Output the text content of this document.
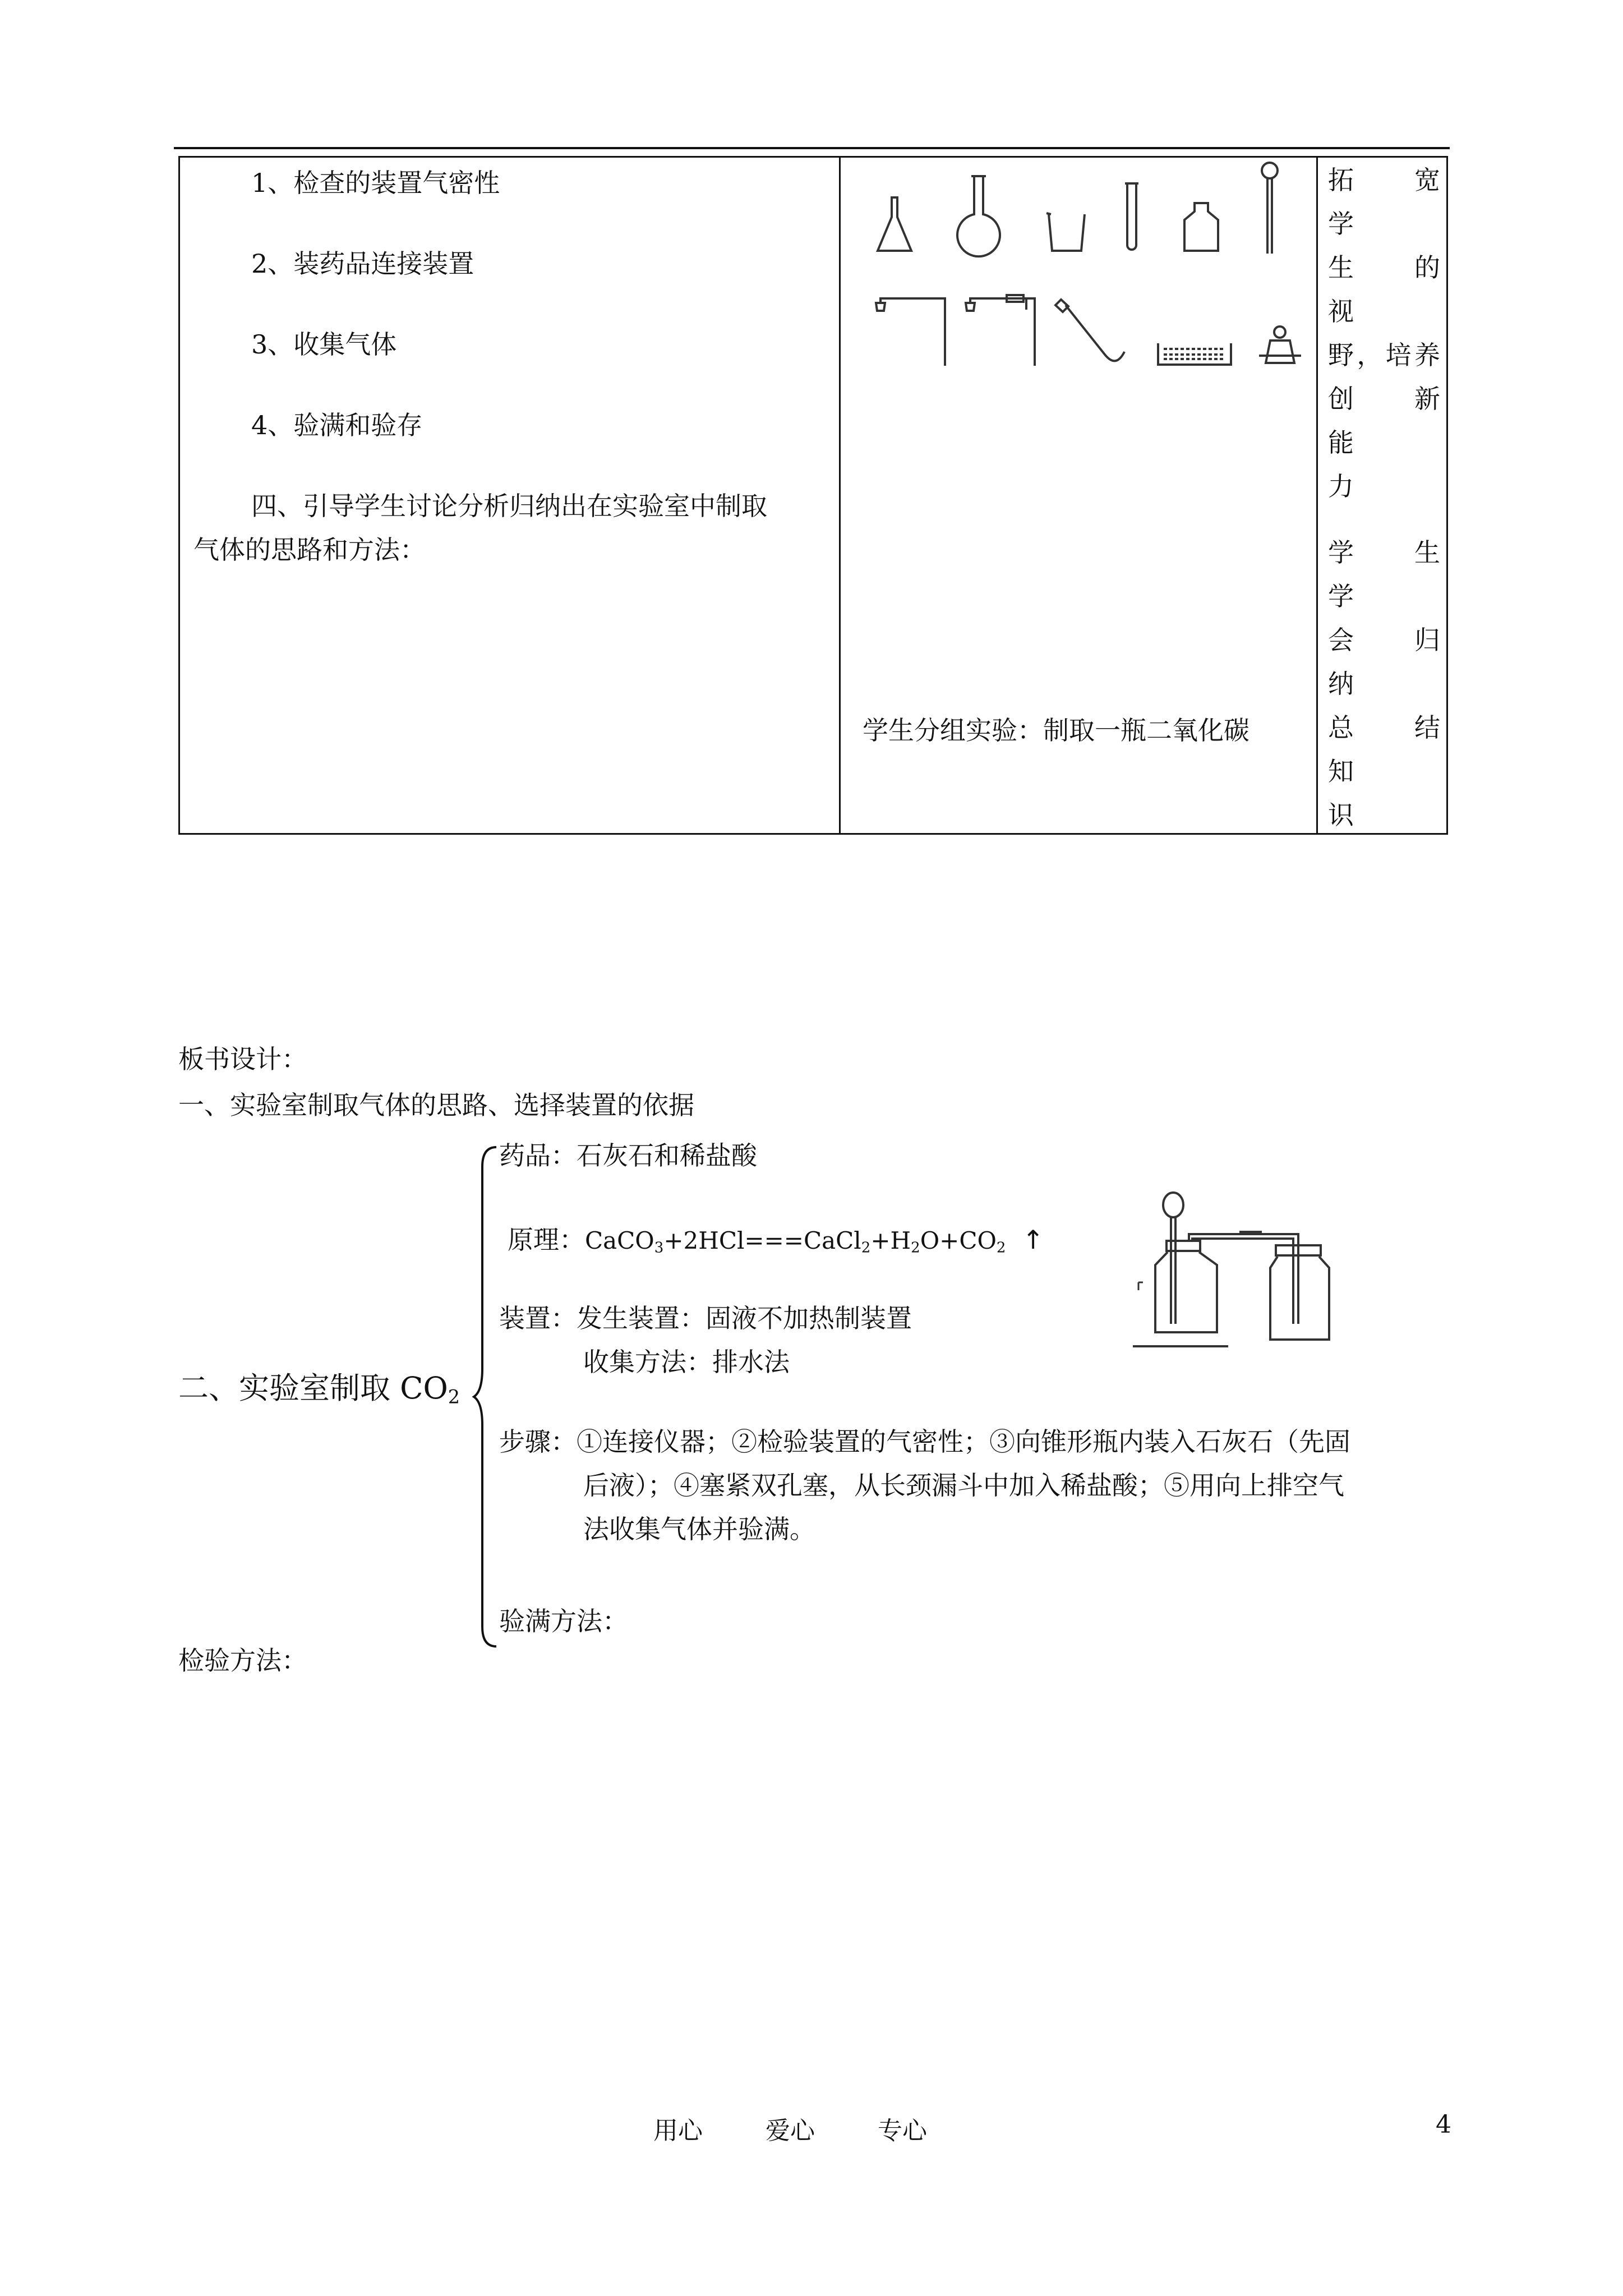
1、检查的装置气密性
2、装药品连接装置
3、收集气体
4、验满和验存
四、引导学生讨论分析归纳出在实验室中制取
气体的思路和方法：
学生分组实验：制取一瓶二氧化碳

拓　宽　学

生　的　视

野，培养

创　新　能

力

学　生　学

会　归　纳

总　结　知

识

板书设计：
一、实验室制取气体的思路、选择装置的依据
二、实验室制取 $CO_2$
药品：石灰石和稀盐酸
原理：$CaCO_3+2HCl===CaCl_2+H_2O+CO_2$ ↑
装置：发生装置：固液不加热制装置
收集方法：排水法
步骤：①连接仪器；②检验装置的气密性；③向锥形瓶内装入石灰石（先固
后液）；④塞紧双孔塞，从长颈漏斗中加入稀盐酸；⑤用向上排空气
法收集气体并验满。
验满方法：
检验方法：
用心	爱心	专心	4
